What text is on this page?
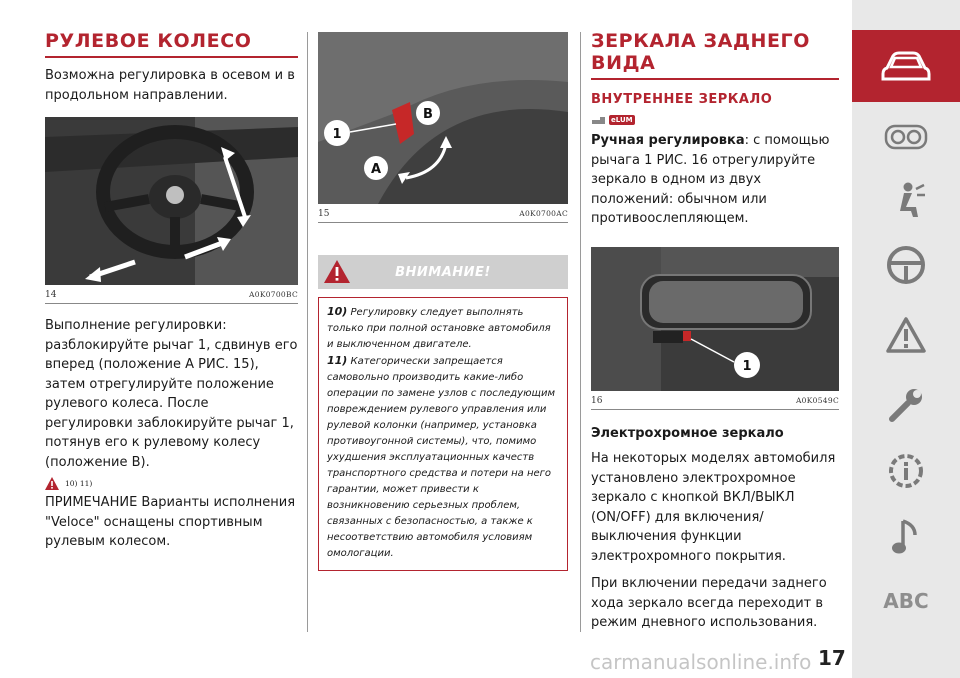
РУЛЕВОЕ КОЛЕСО

Возможна регулировка в осевом и в продольном направлении.

14	A0K0700BC

Выполнение регулировки: разблокируйте рычаг 1, сдвинув его вперед (положение A РИС. 15), затем отрегулируйте положение рулевого колеса. После регулировки заблокируйте рычаг 1, потянув его к рулевому колесу (положение B).

10) 11)

ПРИМЕЧАНИЕ Варианты исполнения "Veloce" оснащены спортивным рулевым колесом.

1
B
A
15	A0K0700AC
ВНИМАНИЕ!
10) Регулировку следует выполнять только при полной остановке автомобиля и выключенном двигателе.
11) Категорически запрещается самовольно производить какие-либо операции по замене узлов с последующим повреждением рулевого управления или рулевой колонки (например, установка противоугонной системы), что, помимо ухудшения эксплуатационных качеств транспортного средства и потери на него гарантии, может привести к возникновению серьезных проблем, связанных с безопасностью, а также к несоответствию автомобиля условиям омологации.
ЗЕРКАЛА ЗАДНЕГО ВИДА
ВНУТРЕННЕЕ ЗЕРКАЛО
eLUM

Ручная регулировка: с помощью рычага 1 РИС. 16 отрегулируйте зеркало в одном из двух положений: обычном или противоослепляющем.

1
16	A0K0549C

Электрохромное зеркало

На некоторых моделях автомобиля установлено электрохромное зеркало с кнопкой ВКЛ/ВЫКЛ (ON/OFF) для включения/выключения функции электрохромного покрытия.

При включении передачи заднего хода зеркало всегда переходит в режим дневного использования.

ABC
carmanualsonline.info 17
